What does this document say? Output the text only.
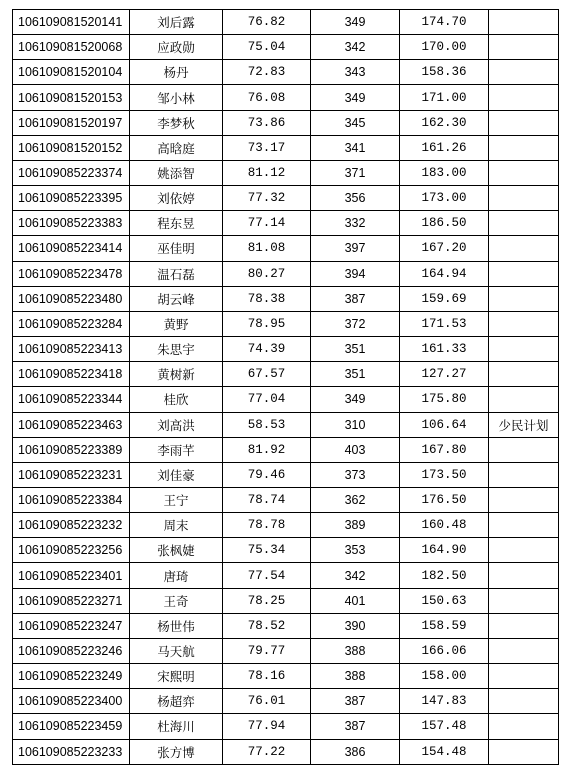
106109081520141	刘后露	76.82	349	174.70	
106109081520068	应政勋	75.04	342	170.00	
106109081520104	杨丹	72.83	343	158.36	
106109081520153	邹小林	76.08	349	171.00	
106109081520197	李梦秋	73.86	345	162.30	
106109081520152	高晗庭	73.17	341	161.26	
106109085223374	姚添智	81.12	371	183.00	
106109085223395	刘依婷	77.32	356	173.00	
106109085223383	程东昱	77.14	332	186.50	
106109085223414	巫佳明	81.08	397	167.20	
106109085223478	温石磊	80.27	394	164.94	
106109085223480	胡云峰	78.38	387	159.69	
106109085223284	黄野	78.95	372	171.53	
106109085223413	朱思宇	74.39	351	161.33	
106109085223418	黄树新	67.57	351	127.27	
106109085223344	桂欣	77.04	349	175.80	
106109085223463	刘高洪	58.53	310	106.64	少民计划
106109085223389	李雨芊	81.92	403	167.80	
106109085223231	刘佳豪	79.46	373	173.50	
106109085223384	王宁	78.74	362	176.50	
106109085223232	周末	78.78	389	160.48	
106109085223256	张枫婕	75.34	353	164.90	
106109085223401	唐琦	77.54	342	182.50	
106109085223271	王奇	78.25	401	150.63	
106109085223247	杨世伟	78.52	390	158.59	
106109085223246	马天航	79.77	388	166.06	
106109085223249	宋熙明	78.16	388	158.00	
106109085223400	杨超弈	76.01	387	147.83	
106109085223459	杜海川	77.94	387	157.48	
106109085223233	张方博	77.22	386	154.48	
